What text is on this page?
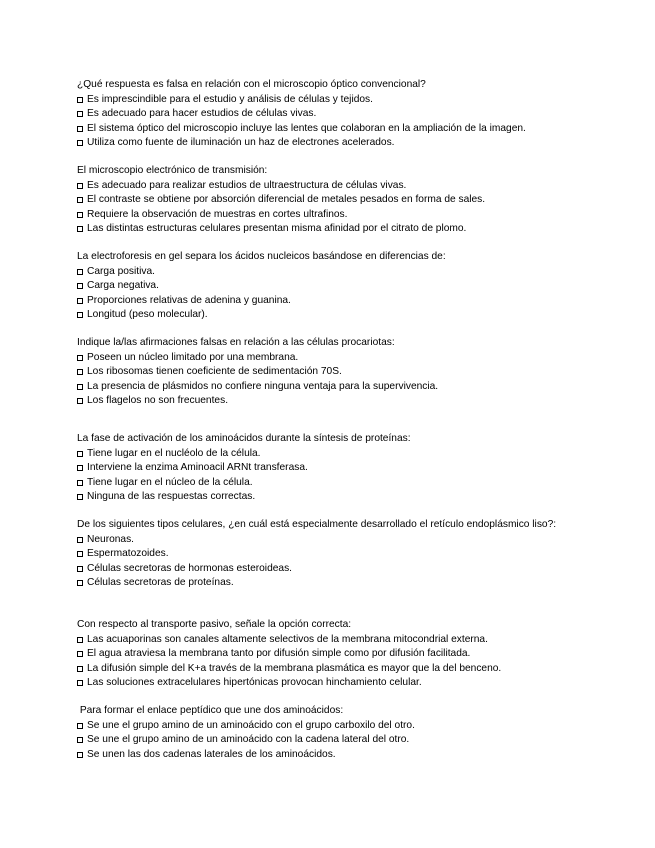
¿Qué respuesta es falsa en relación con el microscopio óptico convencional?

Es imprescindible para el estudio y análisis de células y tejidos.
Es adecuado para hacer estudios de células vivas.
El sistema óptico del microscopio incluye las lentes que colaboran en la ampliación de la imagen.
Utiliza como fuente de iluminación un haz de electrones acelerados.

El microscopio electrónico de transmisión:

Es adecuado para realizar estudios de ultraestructura de células vivas.
El contraste se obtiene por absorción diferencial de metales pesados en forma de sales.
Requiere la observación de muestras en cortes ultrafinos.
Las distintas estructuras celulares presentan misma afinidad por el citrato de plomo.

La electroforesis en gel separa los ácidos nucleicos basándose en diferencias de:

Carga positiva.
Carga negativa.
Proporciones relativas de adenina y guanina.
Longitud (peso molecular).

Indique la/las afirmaciones falsas en relación a las células procariotas:

Poseen un núcleo limitado por una membrana.
Los ribosomas tienen coeficiente de sedimentación 70S.
La presencia de plásmidos no confiere ninguna ventaja para la supervivencia.
Los flagelos no son frecuentes.

La fase de activación de los aminoácidos durante la síntesis de proteínas:

Tiene lugar en el nucléolo de la célula.
Interviene la enzima Aminoacil ARNt transferasa.
Tiene lugar en el núcleo de la célula.
Ninguna de las respuestas correctas.

De los siguientes tipos celulares, ¿en cuál está especialmente desarrollado el retículo endoplásmico liso?:

Neuronas.
Espermatozoides.
Células secretoras de hormonas esteroideas.
Células secretoras de proteínas.

Con respecto al transporte pasivo, señale la opción correcta:

Las acuaporinas son canales altamente selectivos de la membrana mitocondrial externa.
El agua atraviesa la membrana tanto por difusión simple como por difusión facilitada.
La difusión simple del K+a través de la membrana plasmática es mayor que la del benceno.
Las soluciones extracelulares hipertónicas provocan hinchamiento celular.

Para formar el enlace peptídico que une dos aminoácidos:

Se une el grupo amino de un aminoácido con el grupo carboxilo del otro.
Se une el grupo amino de un aminoácido con la cadena lateral del otro.
Se unen las dos cadenas laterales de los aminoácidos.
